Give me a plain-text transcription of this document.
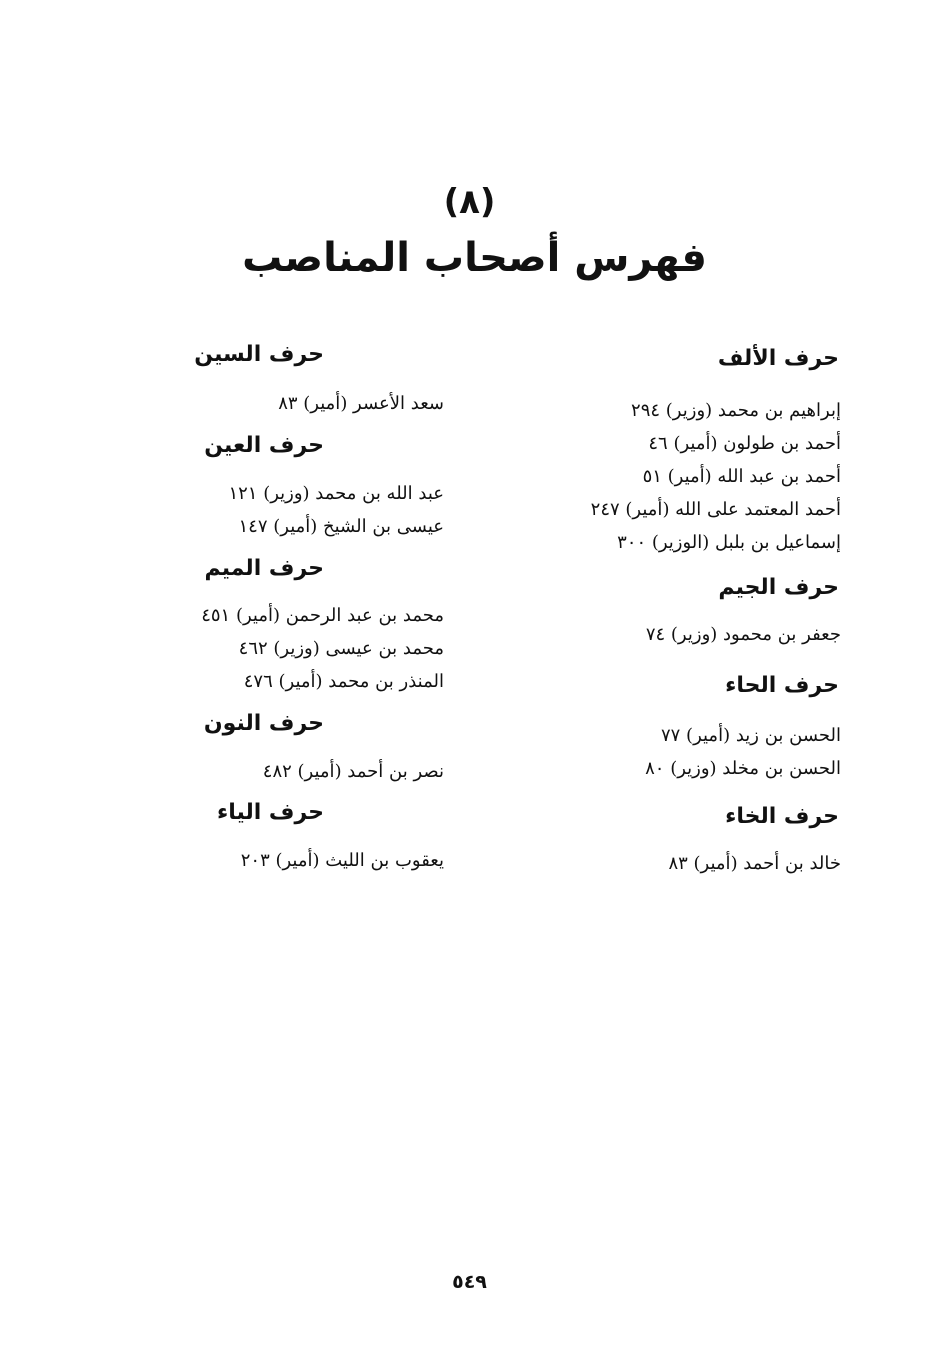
(٨)
فهرس أصحاب المناصب
حرف الألف
إبراهيم بن محمد (وزير) ٢٩٤
أحمد بن طولون (أمير) ٤٦
أحمد بن عبد الله (أمير) ٥١
أحمد المعتمد على الله (أمير) ٢٤٧
إسماعيل بن بلبل (الوزير) ٣٠٠
حرف الجيم
جعفر بن محمود (وزير) ٧٤
حرف الحاء
الحسن بن زيد (أمير) ٧٧
الحسن بن مخلد (وزير) ٨٠
حرف الخاء
خالد بن أحمد (أمير) ٨٣
حرف السين
سعد الأعسر (أمير) ٨٣
حرف العين
عبد الله بن محمد (وزير) ١٢١
عيسى بن الشيخ (أمير) ١٤٧
حرف الميم
محمد بن عبد الرحمن (أمير) ٤٥١
محمد بن عيسى (وزير) ٤٦٢
المنذر بن محمد (أمير) ٤٧٦
حرف النون
نصر بن أحمد (أمير) ٤٨٢
حرف الياء
يعقوب بن الليث (أمير) ٢٠٣
٥٤٩
